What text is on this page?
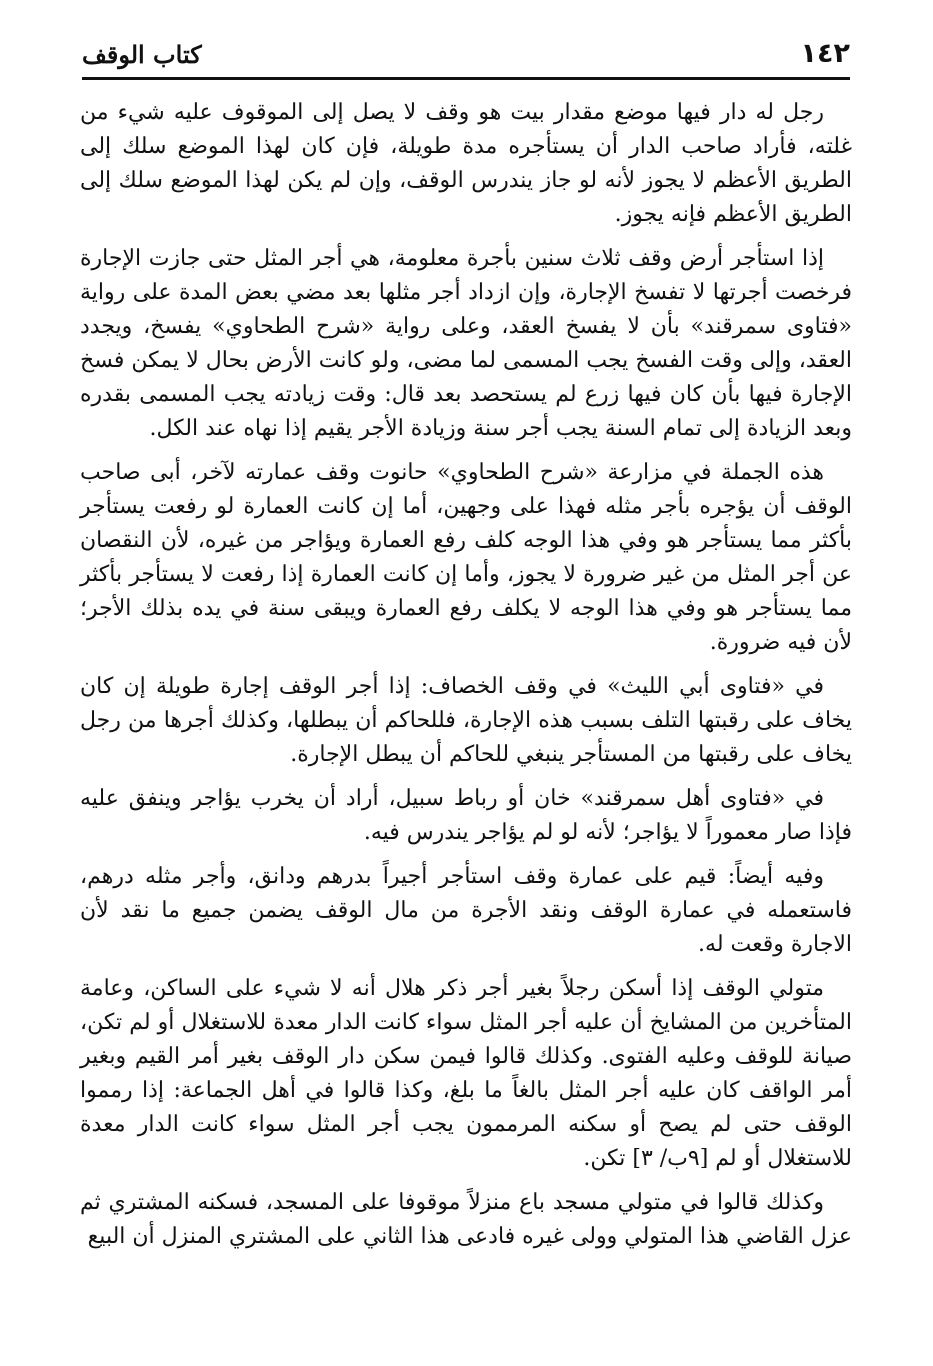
١٤٢
كتاب الوقف

رجل له دار فيها موضع مقدار بيت هو وقف لا يصل إلى الموقوف عليه شيء من غلته، فأراد صاحب الدار أن يستأجره مدة طويلة، فإن كان لهذا الموضع سلك إلى الطريق الأعظم لا يجوز لأنه لو جاز يندرس الوقف، وإن لم يكن لهذا الموضع سلك إلى الطريق الأعظم فإنه يجوز.

إذا استأجر أرض وقف ثلاث سنين بأجرة معلومة، هي أجر المثل حتى جازت الإجارة فرخصت أجرتها لا تفسخ الإجارة، وإن ازداد أجر مثلها بعد مضي بعض المدة على رواية «فتاوى سمرقند» بأن لا يفسخ العقد، وعلى رواية «شرح الطحاوي» يفسخ، ويجدد العقد، وإلى وقت الفسخ يجب المسمى لما مضى، ولو كانت الأرض بحال لا يمكن فسخ الإجارة فيها بأن كان فيها زرع لم يستحصد بعد قال: وقت زيادته يجب المسمى بقدره وبعد الزيادة إلى تمام السنة يجب أجر سنة وزيادة الأجر يقيم إذا نهاه عند الكل.

هذه الجملة في مزارعة «شرح الطحاوي» حانوت وقف عمارته لآخر، أبى صاحب الوقف أن يؤجره بأجر مثله فهذا على وجهين، أما إن كانت العمارة لو رفعت يستأجر بأكثر مما يستأجر هو وفي هذا الوجه كلف رفع العمارة ويؤاجر من غيره، لأن النقصان عن أجر المثل من غير ضرورة لا يجوز، وأما إن كانت العمارة إذا رفعت لا يستأجر بأكثر مما يستأجر هو وفي هذا الوجه لا يكلف رفع العمارة ويبقى سنة في يده بذلك الأجر؛ لأن فيه ضرورة.

في «فتاوى أبي الليث» في وقف الخصاف: إذا أجر الوقف إجارة طويلة إن كان يخاف على رقبتها التلف بسبب هذه الإجارة، فللحاكم أن يبطلها، وكذلك أجرها من رجل يخاف على رقبتها من المستأجر ينبغي للحاكم أن يبطل الإجارة.

في «فتاوى أهل سمرقند» خان أو رباط سبيل، أراد أن يخرب يؤاجر وينفق عليه فإذا صار معموراً لا يؤاجر؛ لأنه لو لم يؤاجر يندرس فيه.

وفيه أيضاً: قيم على عمارة وقف استأجر أجيراً بدرهم ودانق، وأجر مثله درهم، فاستعمله في عمارة الوقف ونقد الأجرة من مال الوقف يضمن جميع ما نقد لأن الاجارة وقعت له.

متولي الوقف إذا أسكن رجلاً بغير أجر ذكر هلال أنه لا شيء على الساكن، وعامة المتأخرين من المشايخ أن عليه أجر المثل سواء كانت الدار معدة للاستغلال أو لم تكن، صيانة للوقف وعليه الفتوى. وكذلك قالوا فيمن سكن دار الوقف بغير أمر القيم وبغير أمر الواقف كان عليه أجر المثل بالغاً ما بلغ، وكذا قالوا في أهل الجماعة: إذا رمموا الوقف حتى لم يصح أو سكنه المرممون يجب أجر المثل سواء كانت الدار معدة للاستغلال أو لم [٩ب/ ٣] تكن.

وكذلك قالوا في متولي مسجد باع منزلاً موقوفا على المسجد، فسكنه المشتري ثم عزل القاضي هذا المتولي وولى غيره فادعى هذا الثاني على المشتري المنزل أن البيع
